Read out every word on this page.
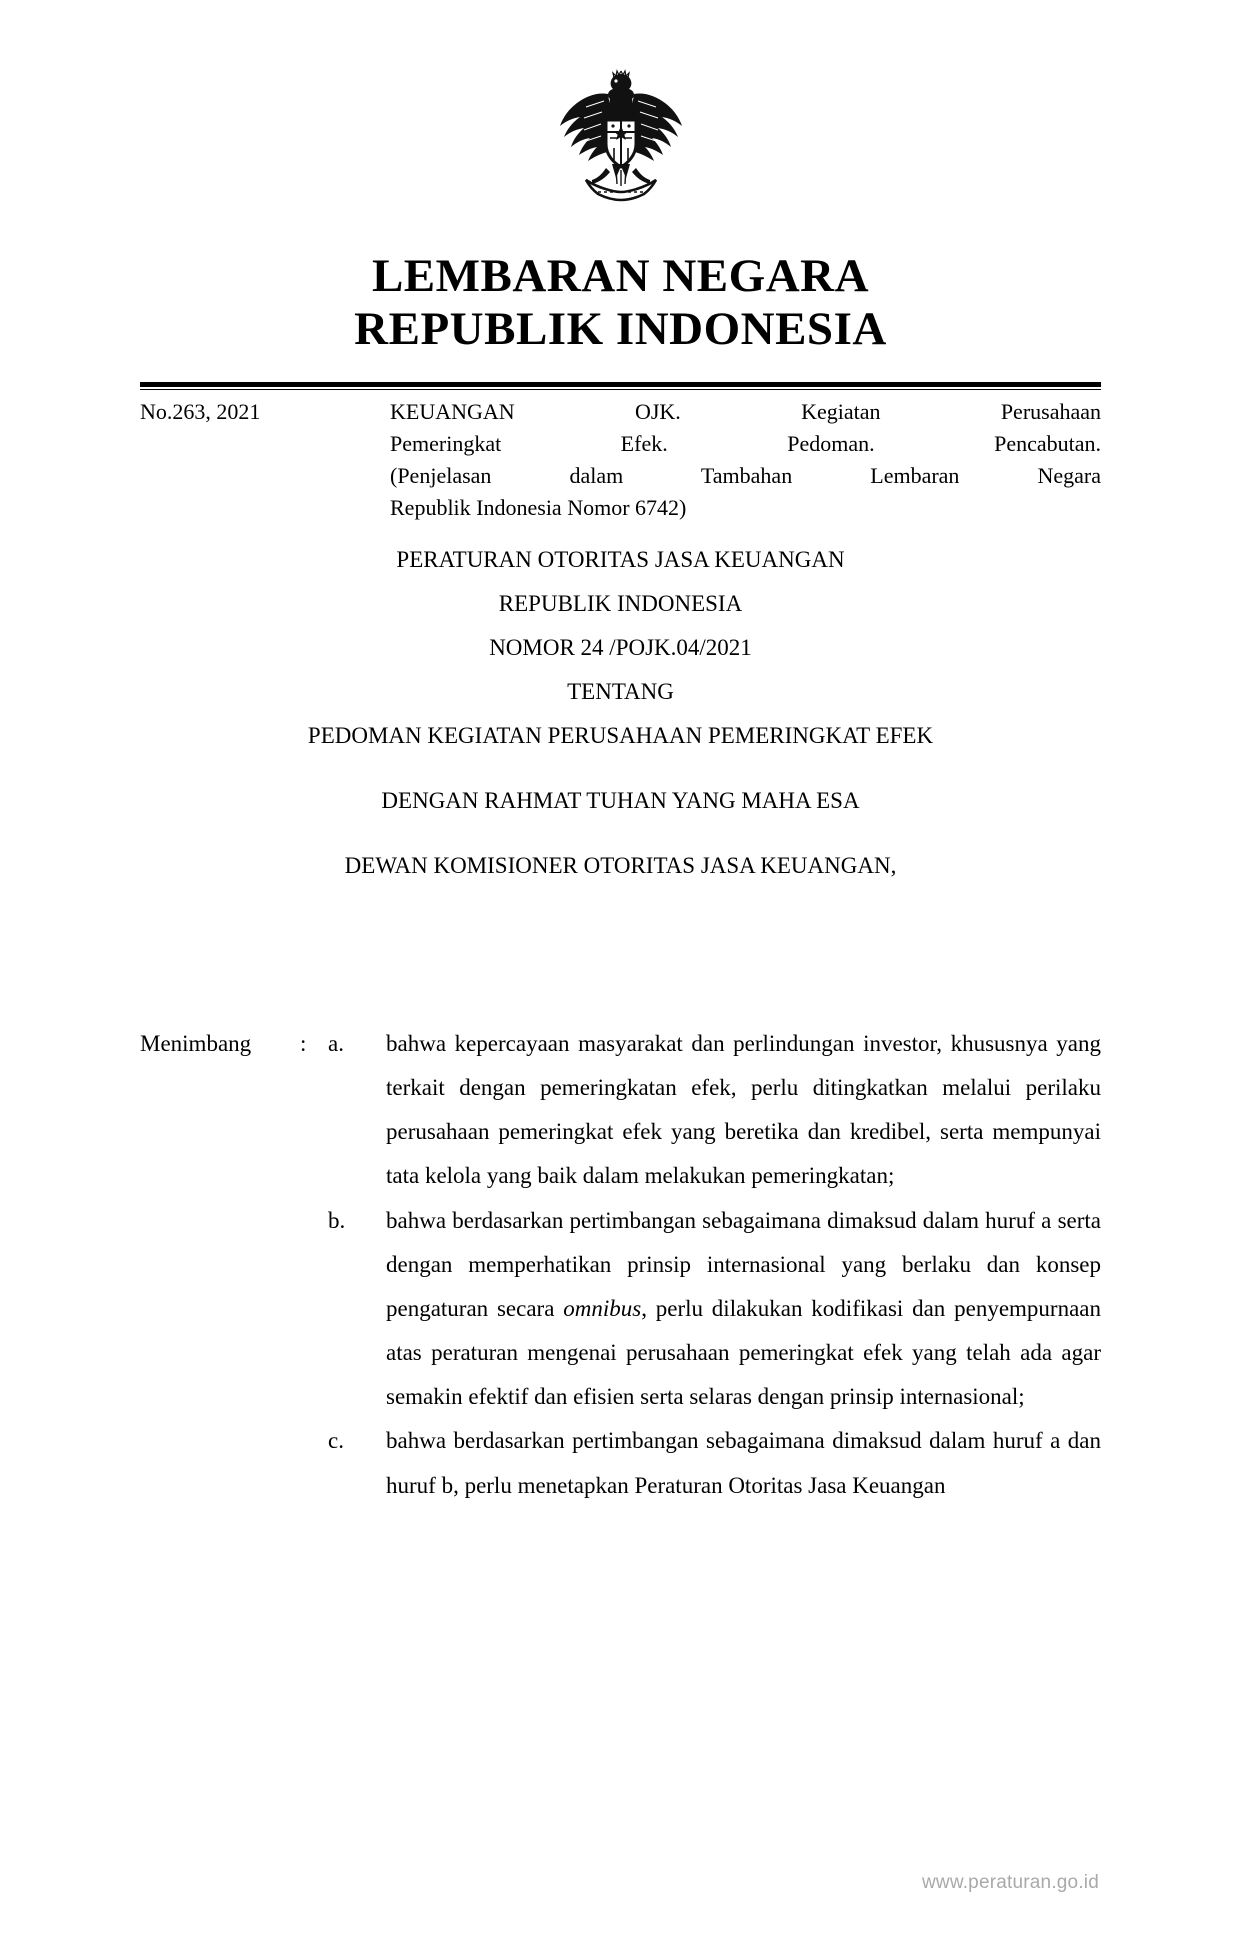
LEMBARAN NEGARA
REPUBLIK INDONESIA
No.263, 2021	KEUANGAN OJK. Kegiatan Perusahaan
Pemeringkat Efek. Pedoman. Pencabutan.
(Penjelasan dalam Tambahan Lembaran Negara
Republik Indonesia Nomor 6742)
PERATURAN OTORITAS JASA KEUANGAN
REPUBLIK INDONESIA
NOMOR 24 /POJK.04/2021
TENTANG
PEDOMAN KEGIATAN PERUSAHAAN PEMERINGKAT EFEK
DENGAN RAHMAT TUHAN YANG MAHA ESA
DEWAN KOMISIONER OTORITAS JASA KEUANGAN,
Menimbang	: a.	bahwa kepercayaan masyarakat dan perlindungan investor, khususnya yang terkait dengan pemeringkatan efek, perlu ditingkatkan melalui perilaku perusahaan pemeringkat efek yang beretika dan kredibel, serta mempunyai tata kelola yang baik dalam melakukan pemeringkatan;
b.	bahwa berdasarkan pertimbangan sebagaimana dimaksud dalam huruf a serta dengan memperhatikan prinsip internasional yang berlaku dan konsep pengaturan secara omnibus, perlu dilakukan kodifikasi dan penyempurnaan atas peraturan mengenai perusahaan pemeringkat efek yang telah ada agar semakin efektif dan efisien serta selaras dengan prinsip internasional;
c.	bahwa berdasarkan pertimbangan sebagaimana dimaksud dalam huruf a dan huruf b, perlu menetapkan Peraturan Otoritas Jasa Keuangan
www.peraturan.go.id
